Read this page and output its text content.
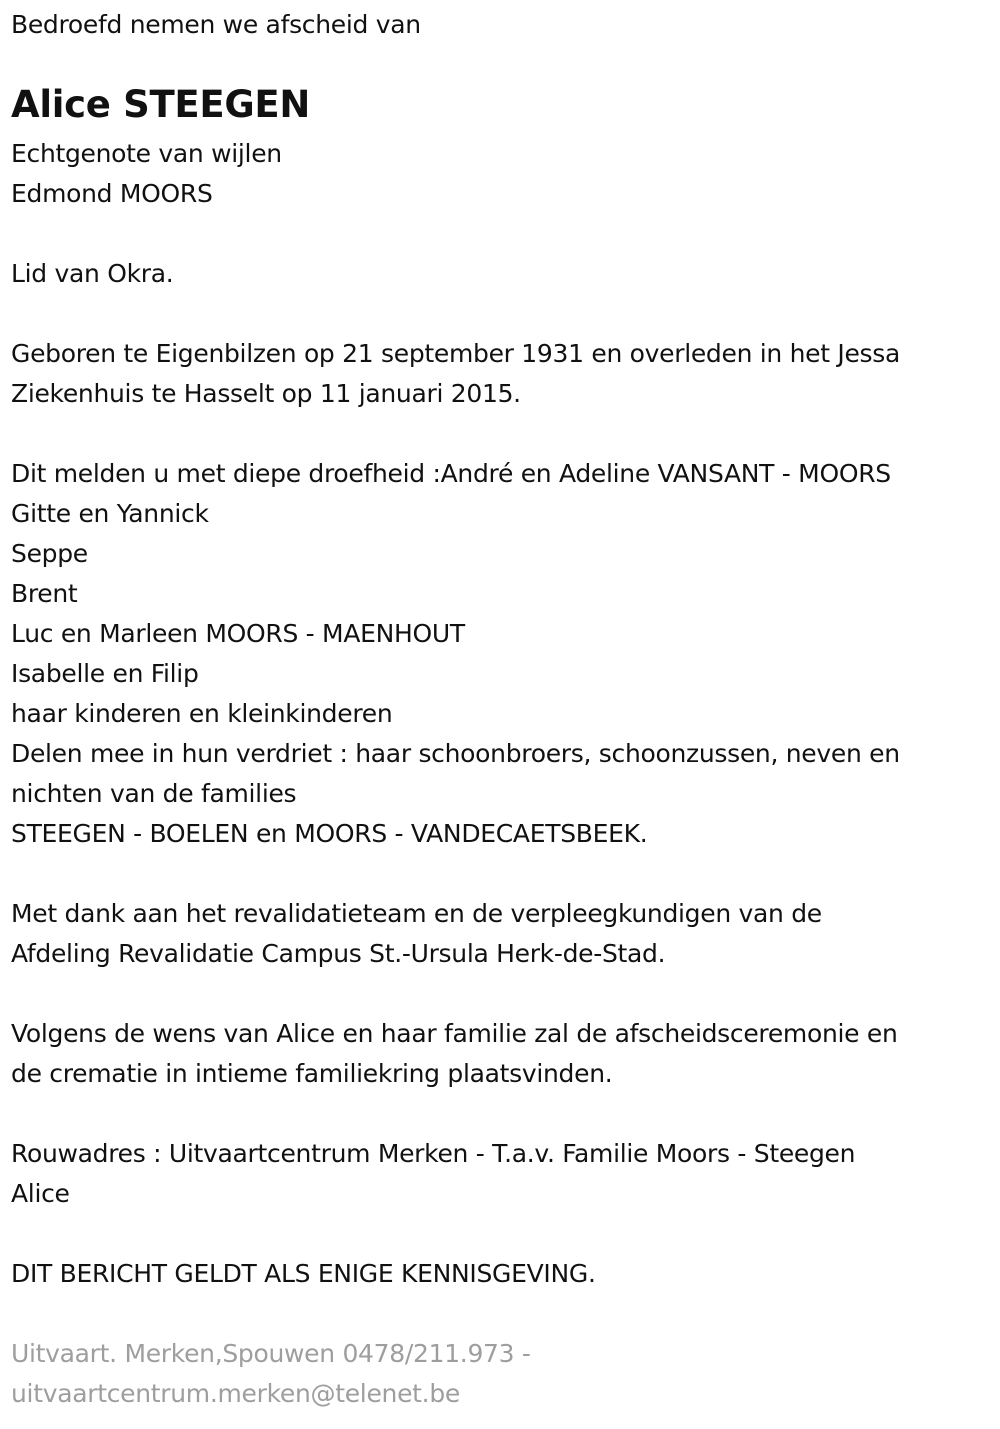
Bedroefd nemen we afscheid van
Alice STEEGEN
Echtgenote van wijlen
Edmond MOORS
Lid van Okra.
Geboren te Eigenbilzen op 21 september 1931 en overleden in het Jessa
Ziekenhuis te Hasselt op 11 januari 2015.
Dit melden u met diepe droefheid :André en Adeline VANSANT - MOORS
Gitte en Yannick
Seppe
Brent
Luc en Marleen MOORS - MAENHOUT
Isabelle en Filip
haar kinderen en kleinkinderen
Delen mee in hun verdriet : haar schoonbroers, schoonzussen, neven en
nichten van de families
STEEGEN - BOELEN en MOORS - VANDECAETSBEEK.
Met dank aan het revalidatieteam en de verpleegkundigen van de
Afdeling Revalidatie Campus St.-Ursula Herk-de-Stad.
Volgens de wens van Alice en haar familie zal de afscheidsceremonie en
de crematie in intieme familiekring plaatsvinden.
Rouwadres : Uitvaartcentrum Merken - T.a.v. Familie Moors - Steegen
Alice
DIT BERICHT GELDT ALS ENIGE KENNISGEVING.
Uitvaart. Merken,Spouwen 0478/211.973 -
uitvaartcentrum.merken@telenet.be
